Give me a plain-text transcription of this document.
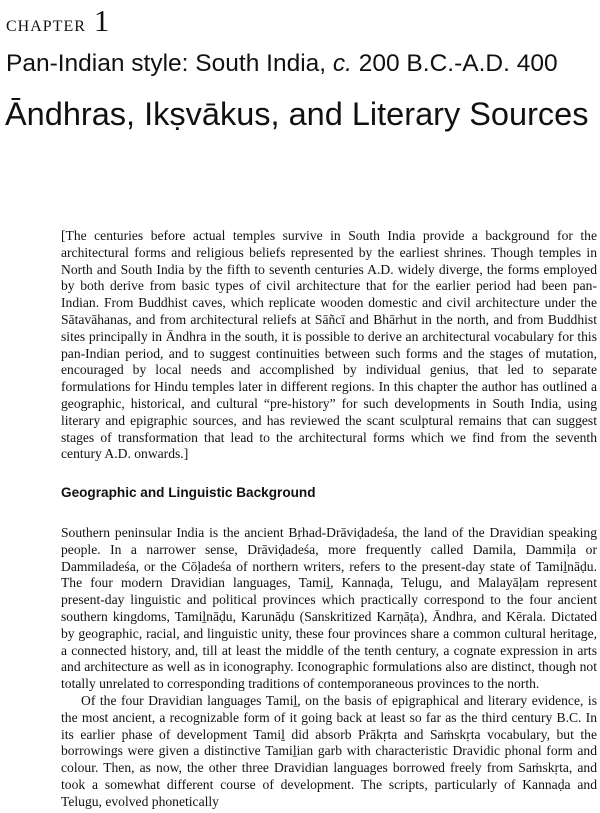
CHAPTER 1
Pan-Indian style: South India, c. 200 B.C.-A.D. 400
Āndhras, Ikṣvākus, and Literary Sources

[The centuries before actual temples survive in South India provide a background for the architectural forms and religious beliefs represented by the earliest shrines. Though temples in North and South India by the fifth to seventh centuries A.D. widely diverge, the forms employed by both derive from basic types of civil architecture that for the earlier period had been pan-Indian. From Buddhist caves, which replicate wooden domestic and civil architecture under the Sātavāhanas, and from architectural reliefs at Sāñcī and Bhārhut in the north, and from Buddhist sites principally in Āndhra in the south, it is possible to derive an architectural vocabulary for this pan-Indian period, and to suggest continuities between such forms and the stages of mutation, encouraged by local needs and accomplished by individual genius, that led to separate formulations for Hindu temples later in different regions. In this chapter the author has outlined a geographic, historical, and cultural “pre-history” for such developments in South India, using literary and epigraphic sources, and has reviewed the scant sculptural remains that can suggest stages of transformation that lead to the architectural forms which we find from the seventh century A.D. onwards.]

Geographic and Linguistic Background

Southern peninsular India is the ancient Bṛhad-Drāviḍadeśa, the land of the Dravidian speaking people. In a narrower sense, Drāviḍadeśa, more frequently called Damila, Dammiḷa or Dammiladeśa, or the Cōḷadeśa of northern writers, refers to the present-day state of Tamiḻnāḍu. The four modern Dravidian languages, Tamiḻ, Kannaḍa, Telugu, and Malayāḷam represent present-day linguistic and political provinces which practically correspond to the four ancient southern kingdoms, Tamiḻnāḍu, Karunāḍu (Sanskritized Karṇāṭa), Āndhra, and Kērala. Dictated by geographic, racial, and linguistic unity, these four provinces share a common cultural heritage, a connected history, and, till at least the middle of the tenth century, a cognate expression in arts and architecture as well as in iconography. Iconographic formulations also are distinct, though not totally unrelated to corresponding traditions of contemporaneous provinces to the north.

Of the four Dravidian languages Tamiḻ, on the basis of epigraphical and literary evidence, is the most ancient, a recognizable form of it going back at least so far as the third century B.C. In its earlier phase of development Tamiḻ did absorb Prākṛta and Saṁskṛta vocabulary, but the borrowings were given a distinctive Tamiḻian garb with characteristic Dravidic phonal form and colour. Then, as now, the other three Dravidian languages borrowed freely from Saṁskṛta, and took a somewhat different course of development. The scripts, particularly of Kannaḍa and Telugu, evolved phonetically
